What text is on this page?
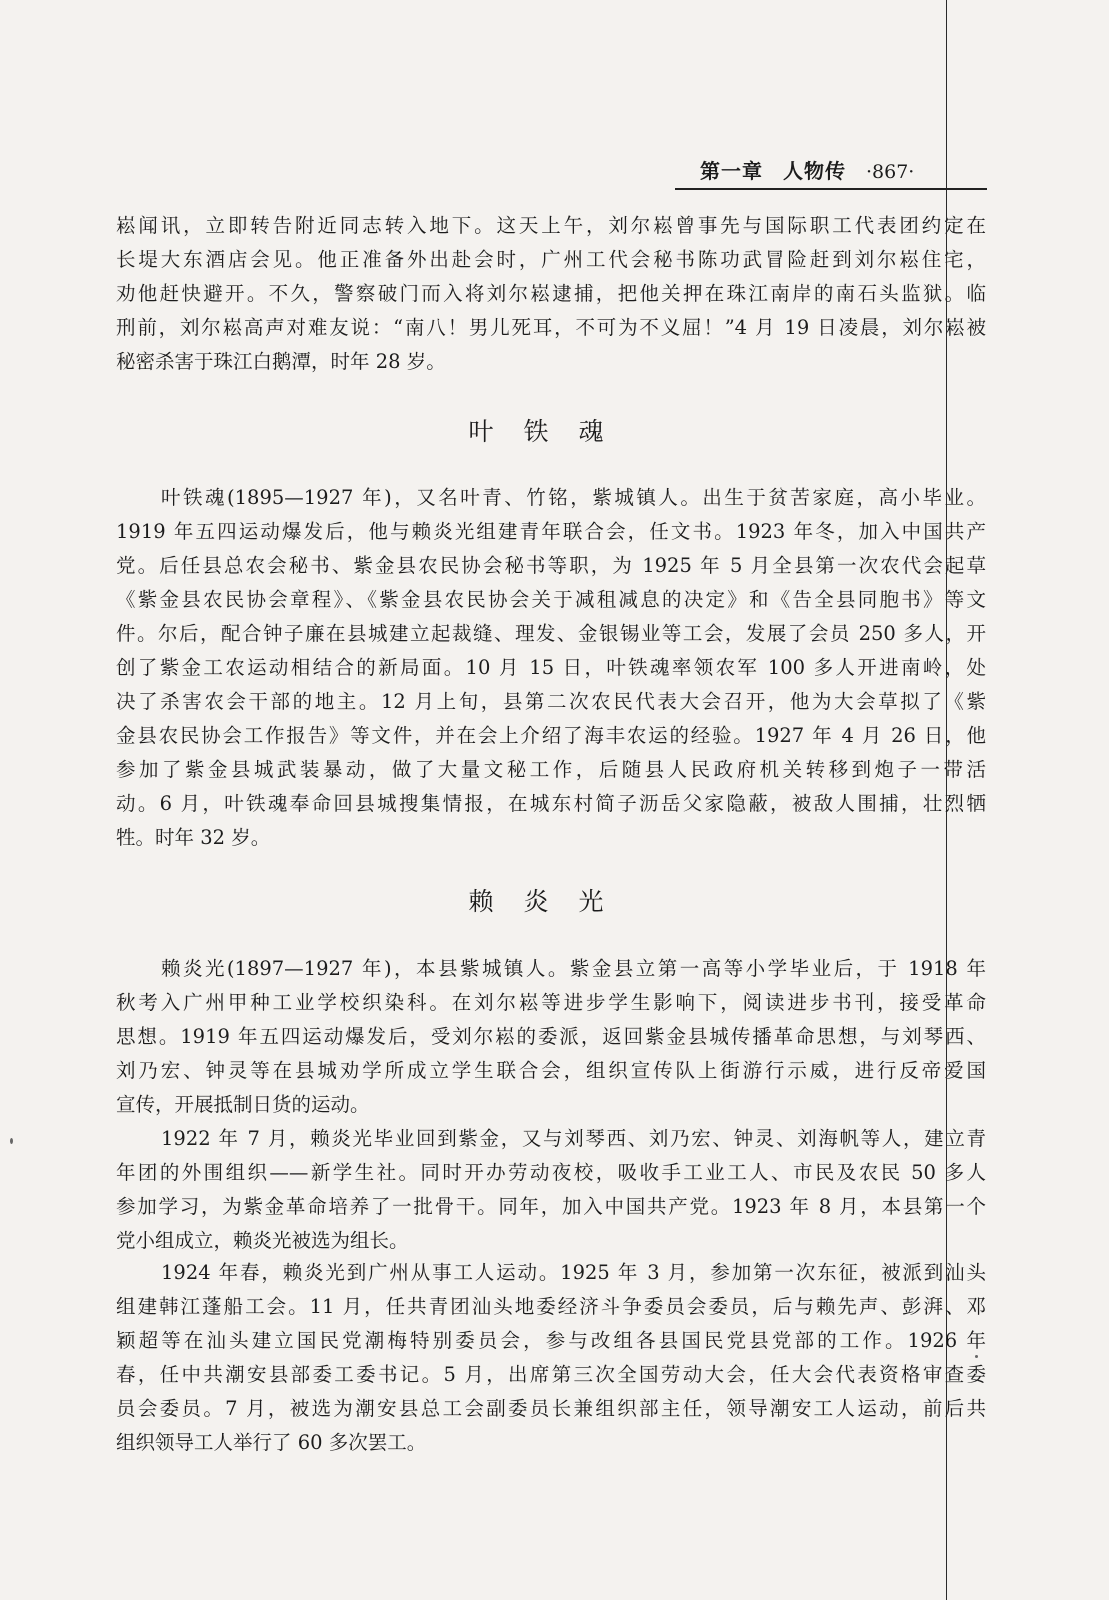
第一章 人物传 ·867·
崧闻讯，立即转告附近同志转入地下。这天上午，刘尔崧曾事先与国际职工代表团约定在
长堤大东酒店会见。他正准备外出赴会时，广州工代会秘书陈功武冒险赶到刘尔崧住宅，
劝他赶快避开。不久，警察破门而入将刘尔崧逮捕，把他关押在珠江南岸的南石头监狱。临
刑前，刘尔崧高声对难友说：“南八！男儿死耳，不可为不义屈！”4 月 19 日凌晨，刘尔崧被
秘密杀害于珠江白鹅潭，时年 28 岁。
叶铁魂
叶铁魂(1895—1927 年)，又名叶青、竹铭，紫城镇人。出生于贫苦家庭，高小毕业。
1919 年五四运动爆发后，他与赖炎光组建青年联合会，任文书。1923 年冬，加入中国共产
党。后任县总农会秘书、紫金县农民协会秘书等职，为 1925 年 5 月全县第一次农代会起草
《紫金县农民协会章程》、《紫金县农民协会关于减租减息的决定》和《告全县同胞书》等文
件。尔后，配合钟子廉在县城建立起裁缝、理发、金银锡业等工会，发展了会员 250 多人，开
创了紫金工农运动相结合的新局面。10 月 15 日，叶铁魂率领农军 100 多人开进南岭，处
决了杀害农会干部的地主。12 月上旬，县第二次农民代表大会召开，他为大会草拟了《紫
金县农民协会工作报告》等文件，并在会上介绍了海丰农运的经验。1927 年 4 月 26 日，他
参加了紫金县城武装暴动，做了大量文秘工作，后随县人民政府机关转移到炮子一带活
动。6 月，叶铁魂奉命回县城搜集情报，在城东村简子沥岳父家隐蔽，被敌人围捕，壮烈牺
牲。时年 32 岁。
赖炎光
赖炎光(1897—1927 年)，本县紫城镇人。紫金县立第一高等小学毕业后，于 1918 年
秋考入广州甲种工业学校织染科。在刘尔崧等进步学生影响下，阅读进步书刊，接受革命
思想。1919 年五四运动爆发后，受刘尔崧的委派，返回紫金县城传播革命思想，与刘琴西、
刘乃宏、钟灵等在县城劝学所成立学生联合会，组织宣传队上街游行示威，进行反帝爱国
宣传，开展抵制日货的运动。
1922 年 7 月，赖炎光毕业回到紫金，又与刘琴西、刘乃宏、钟灵、刘海帆等人，建立青
年团的外围组织——新学生社。同时开办劳动夜校，吸收手工业工人、市民及农民 50 多人
参加学习，为紫金革命培养了一批骨干。同年，加入中国共产党。1923 年 8 月，本县第一个
党小组成立，赖炎光被选为组长。
1924 年春，赖炎光到广州从事工人运动。1925 年 3 月，参加第一次东征，被派到汕头
组建韩江蓬船工会。11 月，任共青团汕头地委经济斗争委员会委员，后与赖先声、彭湃、邓
颖超等在汕头建立国民党潮梅特别委员会，参与改组各县国民党县党部的工作。1926 年
春，任中共潮安县部委工委书记。5 月，出席第三次全国劳动大会，任大会代表资格审查委
员会委员。7 月，被选为潮安县总工会副委员长兼组织部主任，领导潮安工人运动，前后共
组织领导工人举行了 60 多次罢工。
